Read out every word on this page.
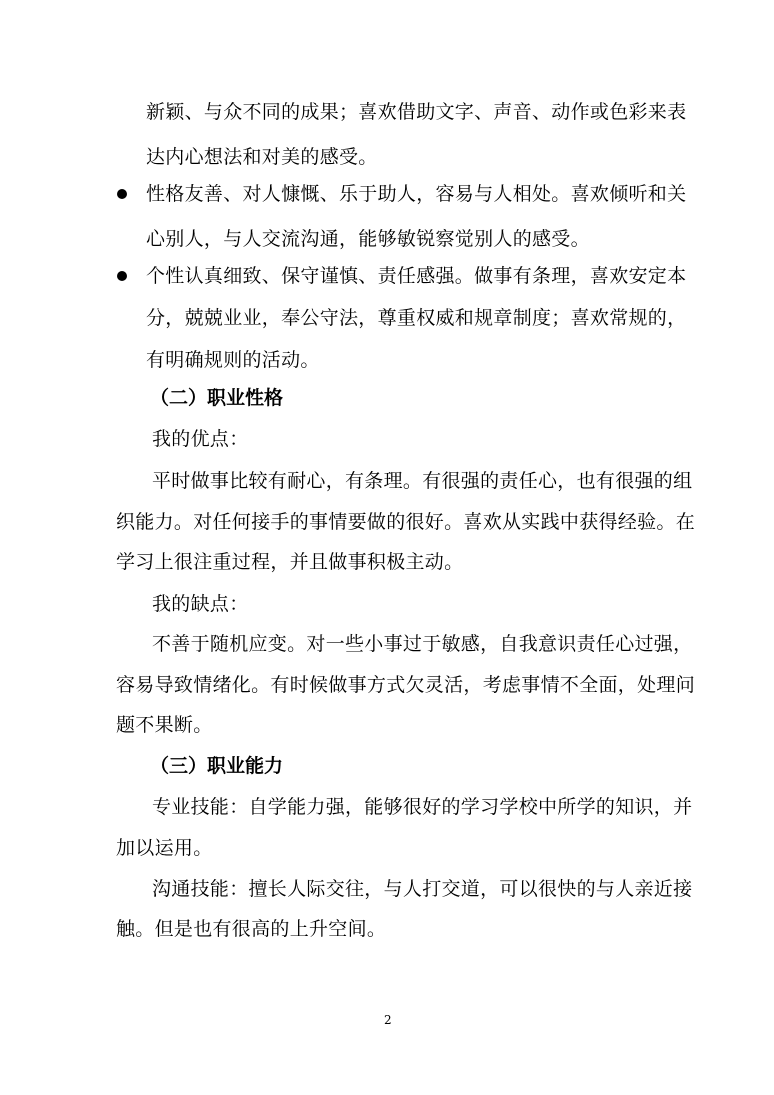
新颖、与众不同的成果；喜欢借助文字、声音、动作或色彩来表
达内心想法和对美的感受。
性格友善、对人慷慨、乐于助人，容易与人相处。喜欢倾听和关
心别人，与人交流沟通，能够敏锐察觉别人的感受。
个性认真细致、保守谨慎、责任感强。做事有条理，喜欢安定本
分，兢兢业业，奉公守法，尊重权威和规章制度；喜欢常规的，
有明确规则的活动。
（二）职业性格
我的优点：
平时做事比较有耐心，有条理。有很强的责任心，也有很强的组
织能力。对任何接手的事情要做的很好。喜欢从实践中获得经验。在
学习上很注重过程，并且做事积极主动。
我的缺点：
不善于随机应变。对一些小事过于敏感，自我意识责任心过强，
容易导致情绪化。有时候做事方式欠灵活，考虑事情不全面，处理问
题不果断。
（三）职业能力
专业技能：自学能力强，能够很好的学习学校中所学的知识，并
加以运用。
沟通技能：擅长人际交往，与人打交道，可以很快的与人亲近接
触。但是也有很高的上升空间。
2
